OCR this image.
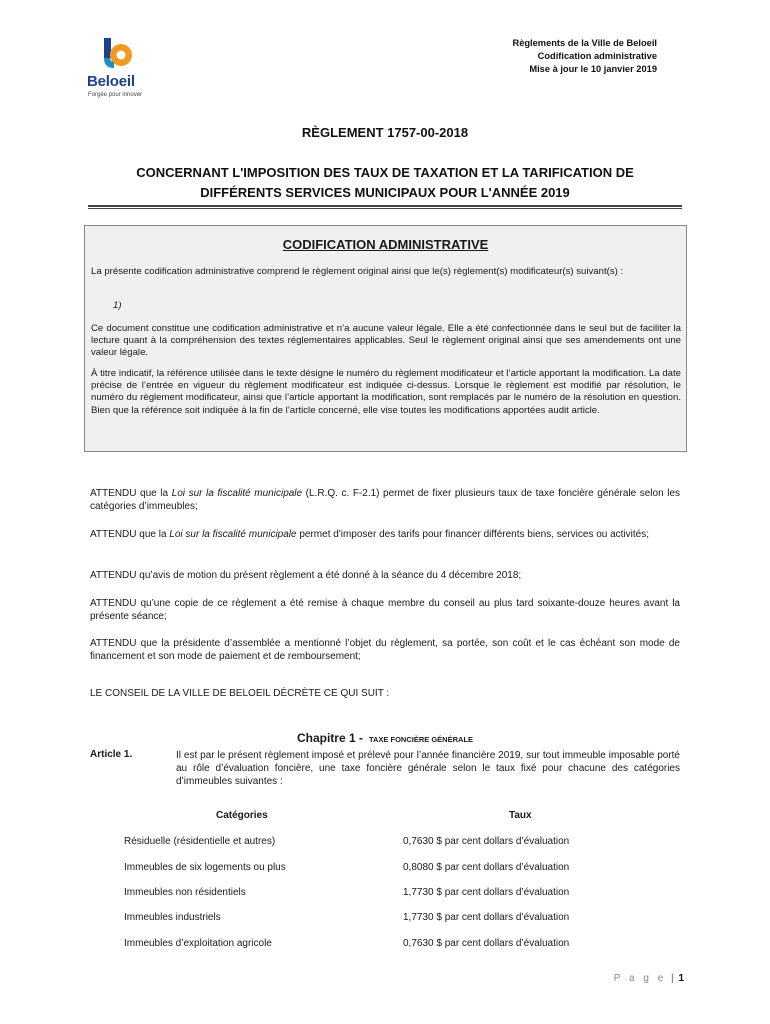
Beloeil
Forgée pour innover
Règlements de la Ville de Beloeil
Codification administrative
Mise à jour le 10 janvier 2019
RÈGLEMENT 1757-00-2018
CONCERNANT L'IMPOSITION DES TAUX DE TAXATION ET LA TARIFICATION DE
DIFFÉRENTS SERVICES MUNICIPAUX POUR L'ANNÉE 2019
CODIFICATION ADMINISTRATIVE

La présente codification administrative comprend le règlement original ainsi que le(s) règlement(s) modificateur(s) suivant(s) :

1)

Ce document constitue une codification administrative et n’a aucune valeur légale. Elle a été confectionnée dans le seul but de faciliter la lecture quant à la compréhension des textes réglementaires applicables. Seul le règlement original ainsi que ses amendements ont une valeur légale.

À titre indicatif, la référence utilisée dans le texte désigne le numéro du règlement modificateur et l’article apportant la modification. La date précise de l’entrée en vigueur du règlement modificateur est indiquée ci-dessus. Lorsque le règlement est modifié par résolution, le numéro du règlement modificateur, ainsi que l’article apportant la modification, sont remplacés par le numéro de la résolution en question. Bien que la référence soit indiquée à la fin de l’article concerné, elle vise toutes les modifications apportées audit article.

ATTENDU que la Loi sur la fiscalité municipale (L.R.Q. c. F-2.1) permet de fixer plusieurs taux de taxe foncière générale selon les catégories d’immeubles;

ATTENDU que la Loi sur la fiscalité municipale permet d'imposer des tarifs pour financer différents biens, services ou activités;

ATTENDU qu’avis de motion du présent règlement a été donné à la séance du 4 décembre 2018;

ATTENDU qu’une copie de ce règlement a été remise à chaque membre du conseil au plus tard soixante-douze heures avant la présente séance;

ATTENDU que la présidente d’assemblée a mentionné l’objet du règlement, sa portée, son coût et le cas échéant son mode de financement et son mode de paiement et de remboursement;

LE CONSEIL DE LA VILLE DE BELOEIL DÉCRÈTE CE QUI SUIT :

Chapitre 1 - TAXE FONCIÈRE GÉNÉRALE
Article 1.	Il est par le présent règlement imposé et prélevé pour l’année financière 2019, sur tout immeuble imposable porté au rôle d’évaluation foncière, une taxe foncière générale selon le taux fixé pour chacune des catégories d’immeubles suivantes :

Catégories	Taux
Résiduelle (résidentielle et autres)	0,7630 $ par cent dollars d’évaluation
Immeubles de six logements ou plus	0,8080 $ par cent dollars d’évaluation
Immeubles non résidentiels	1,7730 $ par cent dollars d’évaluation
Immeubles industriels	1,7730 $ par cent dollars d’évaluation
Immeubles d’exploitation agricole	0,7630 $ par cent dollars d’évaluation
P a g e | 1
